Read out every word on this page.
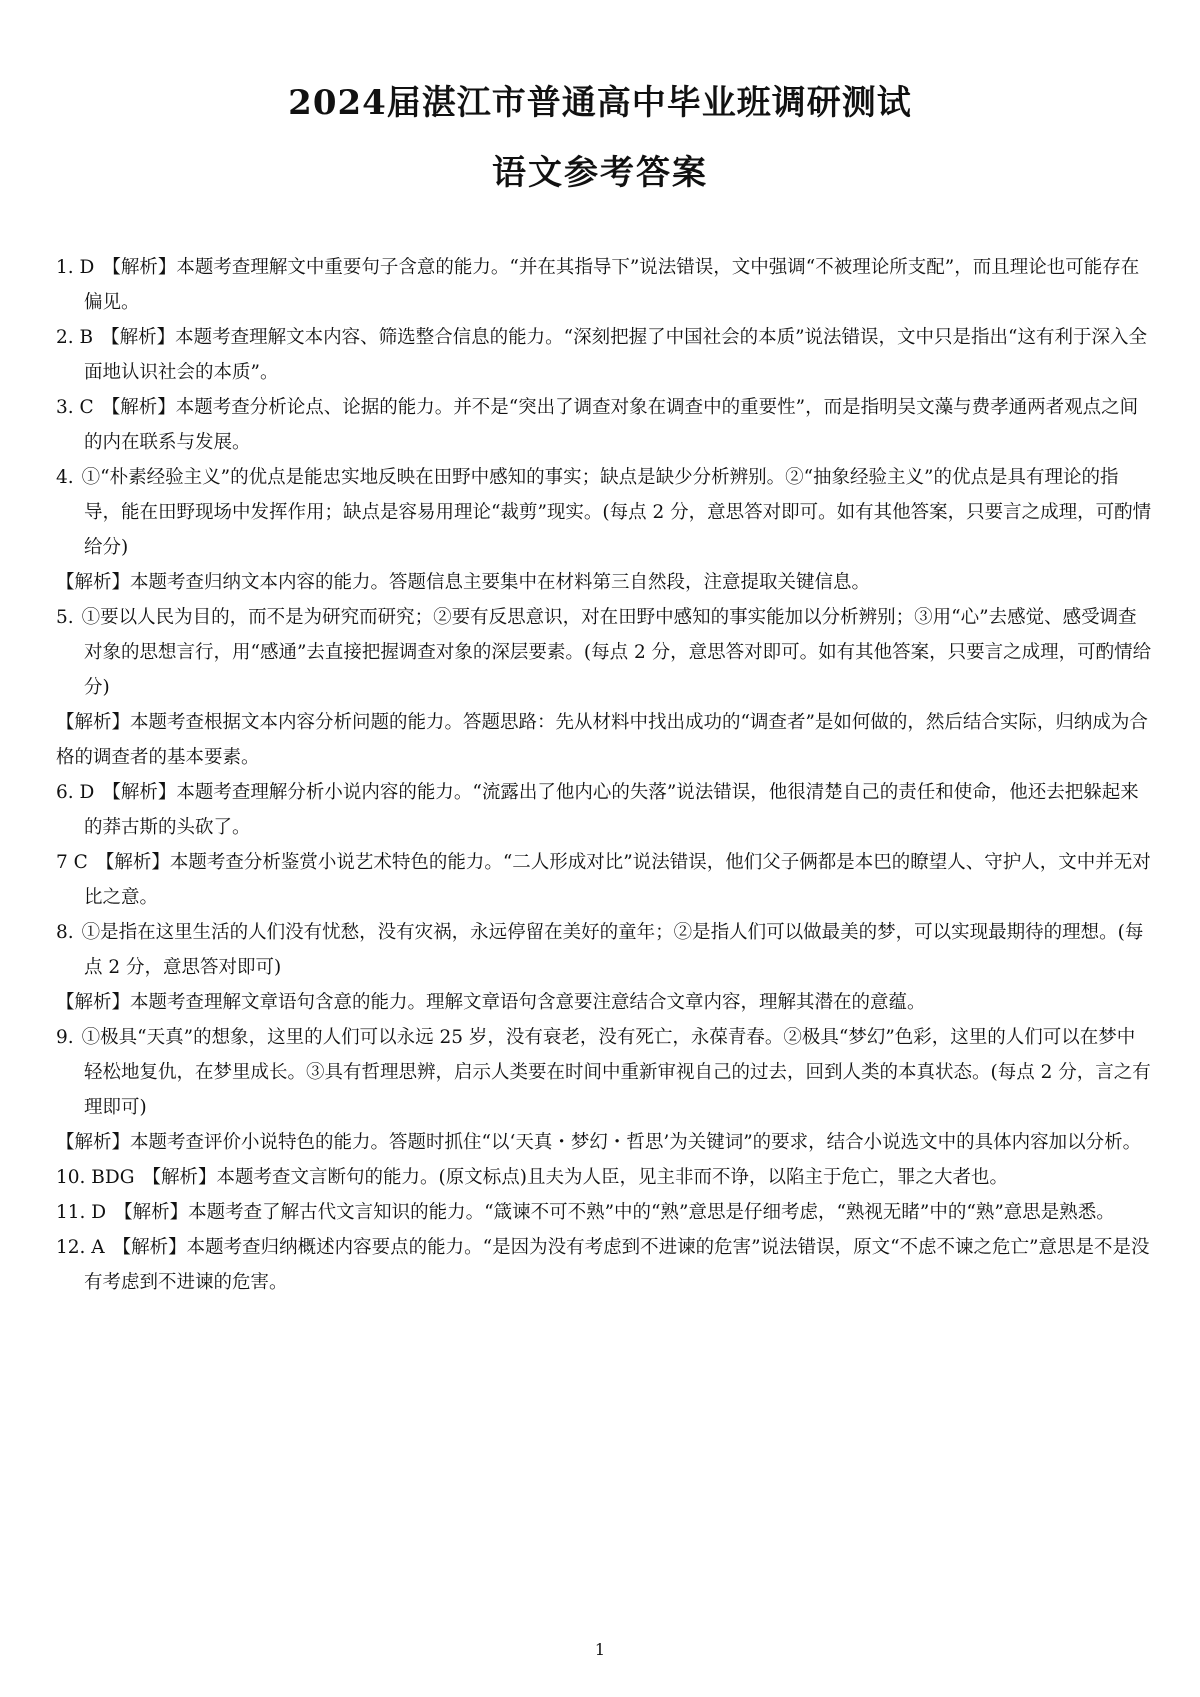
2024届湛江市普通高中毕业班调研测试
语文参考答案
1. D 【解析】本题考查理解文中重要句子含意的能力。“并在其指导下”说法错误，文中强调“不被理论所支配”，而且理论也可能存在偏见。
2. B 【解析】本题考查理解文本内容、筛选整合信息的能力。“深刻把握了中国社会的本质”说法错误，文中只是指出“这有利于深入全面地认识社会的本质”。
3. C 【解析】本题考查分析论点、论据的能力。并不是“突出了调查对象在调查中的重要性”，而是指明吴文藻与费孝通两者观点之间的内在联系与发展。
4. ①“朴素经验主义”的优点是能忠实地反映在田野中感知的事实；缺点是缺少分析辨别。②“抽象经验主义”的优点是具有理论的指导，能在田野现场中发挥作用；缺点是容易用理论“裁剪”现实。(每点 2 分，意思答对即可。如有其他答案，只要言之成理，可酌情给分)
【解析】本题考查归纳文本内容的能力。答题信息主要集中在材料第三自然段，注意提取关键信息。
5. ①要以人民为目的，而不是为研究而研究；②要有反思意识，对在田野中感知的事实能加以分析辨别；③用“心”去感觉、感受调查对象的思想言行，用“感通”去直接把握调查对象的深层要素。(每点 2 分，意思答对即可。如有其他答案，只要言之成理，可酌情给分)
【解析】本题考查根据文本内容分析问题的能力。答题思路：先从材料中找出成功的“调查者”是如何做的，然后结合实际，归纳成为合格的调查者的基本要素。
6. D 【解析】本题考查理解分析小说内容的能力。“流露出了他内心的失落”说法错误，他很清楚自己的责任和使命，他还去把躲起来的莽古斯的头砍了。
7 C 【解析】本题考查分析鉴赏小说艺术特色的能力。“二人形成对比”说法错误，他们父子俩都是本巴的瞭望人、守护人，文中并无对比之意。
8. ①是指在这里生活的人们没有忧愁，没有灾祸，永远停留在美好的童年；②是指人们可以做最美的梦，可以实现最期待的理想。(每点 2 分，意思答对即可)
【解析】本题考查理解文章语句含意的能力。理解文章语句含意要注意结合文章内容，理解其潜在的意蕴。
9. ①极具“天真”的想象，这里的人们可以永远 25 岁，没有衰老，没有死亡，永葆青春。②极具“梦幻”色彩，这里的人们可以在梦中轻松地复仇，在梦里成长。③具有哲理思辨，启示人类要在时间中重新审视自己的过去，回到人类的本真状态。(每点 2 分，言之有理即可)
【解析】本题考查评价小说特色的能力。答题时抓住“以‘天真・梦幻・哲思’为关键词”的要求，结合小说选文中的具体内容加以分析。
10. BDG 【解析】本题考查文言断句的能力。(原文标点)且夫为人臣，见主非而不诤，以陷主于危亡，罪之大者也。
11. D 【解析】本题考查了解古代文言知识的能力。“箴谏不可不熟”中的“熟”意思是仔细考虑，“熟视无睹”中的“熟”意思是熟悉。
12. A 【解析】本题考查归纳概述内容要点的能力。“是因为没有考虑到不进谏的危害”说法错误，原文“不虑不谏之危亡”意思是不是没有考虑到不进谏的危害。
1
